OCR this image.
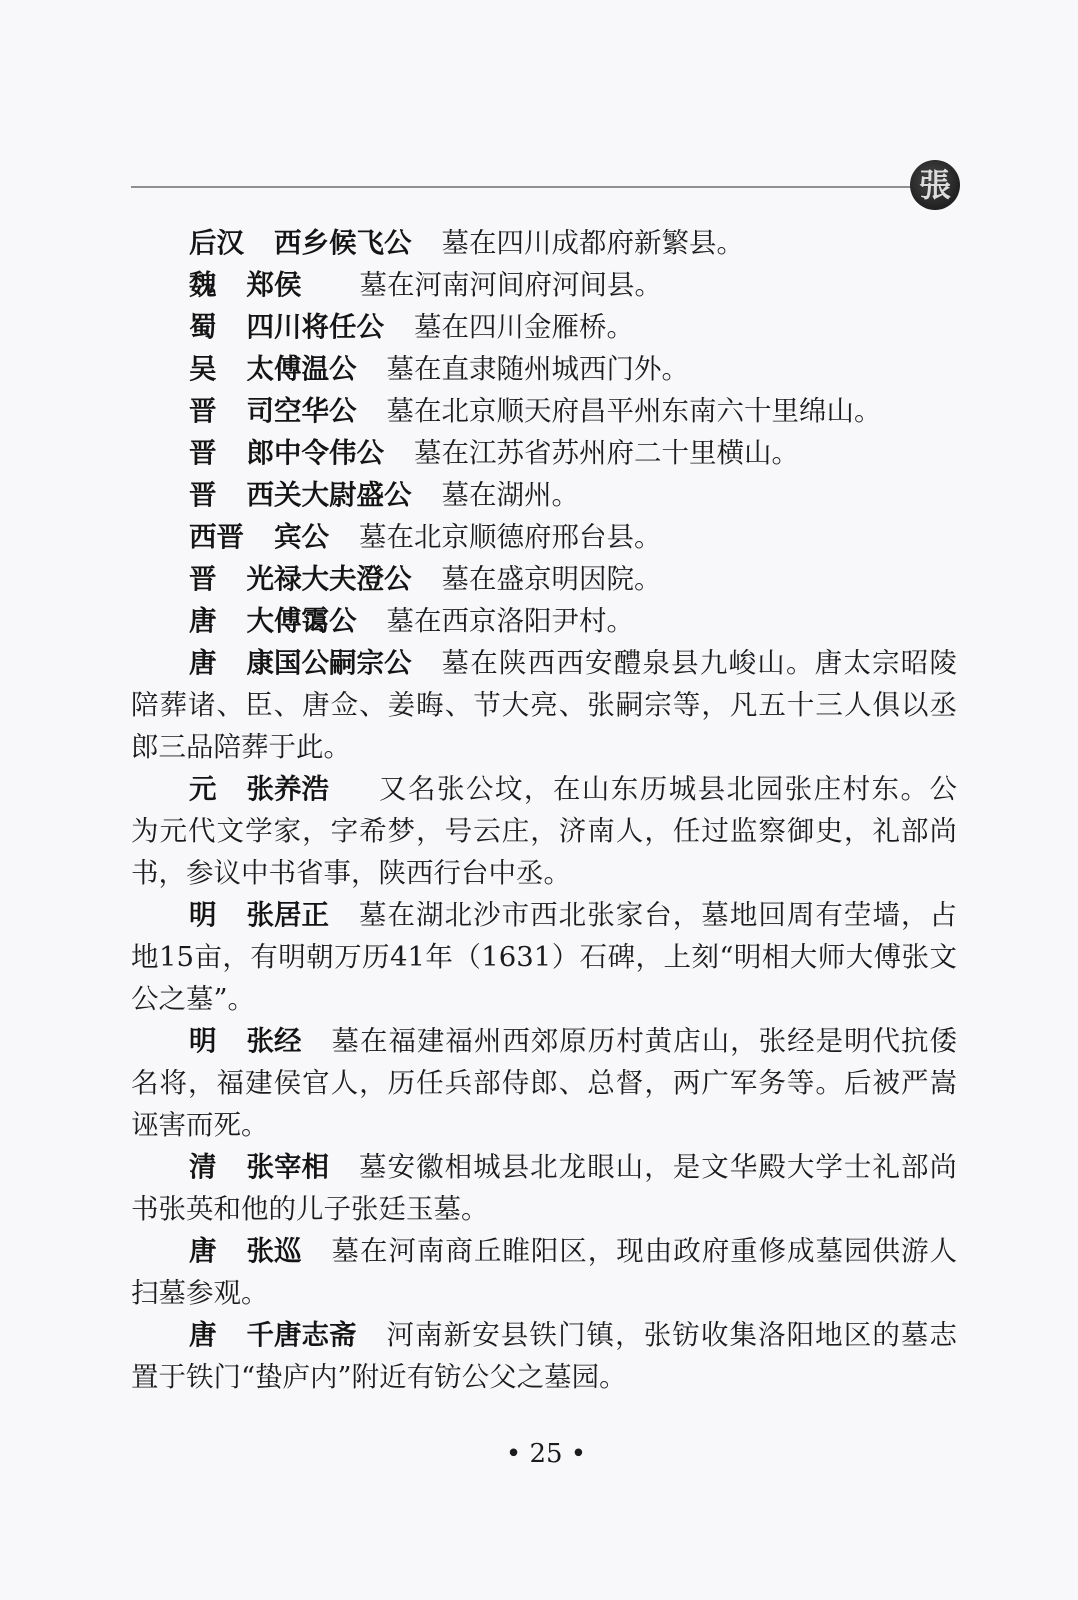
張
后汉 西乡候飞公 墓在四川成都府新繁县。
魏 郑侯 墓在河南河间府河间县。
蜀 四川将任公 墓在四川金雁桥。
吴 太傅温公 墓在直隶随州城西门外。
晋 司空华公 墓在北京顺天府昌平州东南六十里绵山。
晋 郎中令伟公 墓在江苏省苏州府二十里横山。
晋 西关大尉盛公 墓在湖州。
西晋 宾公 墓在北京顺德府邢台县。
晋 光禄大夫澄公 墓在盛京明因院。
唐 大傅霭公 墓在西京洛阳尹村。
唐 康国公嗣宗公 墓在陕西西安醴泉县九峻山。唐太宗昭陵
陪葬诸、臣、唐佥、姜晦、节大亮、张嗣宗等，凡五十三人俱以丞
郎三品陪葬于此。
元 张养浩 又名张公坟，在山东历城县北园张庄村东。公
为元代文学家，字希梦，号云庄，济南人，任过监察御史，礼部尚
书，参议中书省事，陕西行台中丞。
明 张居正 墓在湖北沙市西北张家台，墓地回周有茔墙，占
地15亩，有明朝万历41年（1631）石碑，上刻“明相大师大傅张文
公之墓”。
明 张经 墓在福建福州西郊原历村黄店山，张经是明代抗倭
名将，福建侯官人，历任兵部侍郎、总督，两广军务等。后被严嵩
诬害而死。
清 张宰相 墓安徽相城县北龙眼山，是文华殿大学士礼部尚
书张英和他的儿子张廷玉墓。
唐 张巡 墓在河南商丘睢阳区，现由政府重修成墓园供游人
扫墓参观。
唐 千唐志斋 河南新安县铁门镇，张钫收集洛阳地区的墓志
置于铁门“蛰庐内”附近有钫公父之墓园。
• 25 •
